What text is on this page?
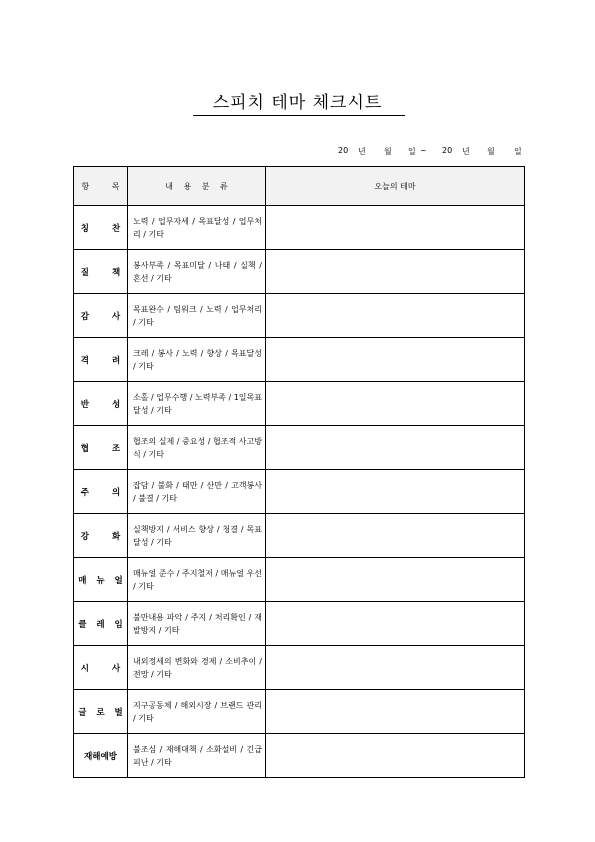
스피치 테마 체크시트
20 년 월 일 ~ 20 년 월 일
항 목	내 용 분 류	오늘의 테마
칭 찬	노력 / 업무자세 / 목표달성 / 업무처리 / 기타	
질 책	봉사부족 / 목표미달 / 나태 / 실책 / 혼선 / 기타	
감 사	목표완수 / 팀워크 / 노력 / 업무처리 / 기타	
격 려	크레 / 봉사 / 노력 / 향상 / 목표달성 / 기타	
반 성	소홀 / 업무수행 / 노력부족 / 1일목표 달성 / 기타	
협 조	협조의 실제 / 중요성 / 협조적 사고방식 / 기타	
주 의	잡담 / 불화 / 태만 / 산만 / 고객봉사 / 불결 / 기타	
강 화	실책방지 / 서비스 향상 / 청결 / 목표달성 / 기타	
매 뉴 얼	매뉴얼 준수 / 주지철저 / 매뉴얼 우선 / 기타	
클 레 임	불만내용 파악 / 주지 / 처리확인 / 재발방지 / 기타	
시 사	내외정세의 변화와 경제 / 소비추이 / 전망 / 기타	
글 로 벌	지구공동체 / 해외시장 / 브랜드 관리 / 기타	
재해예방	불조심 / 재해대책 / 소화설비 / 긴급피난 / 기타	
